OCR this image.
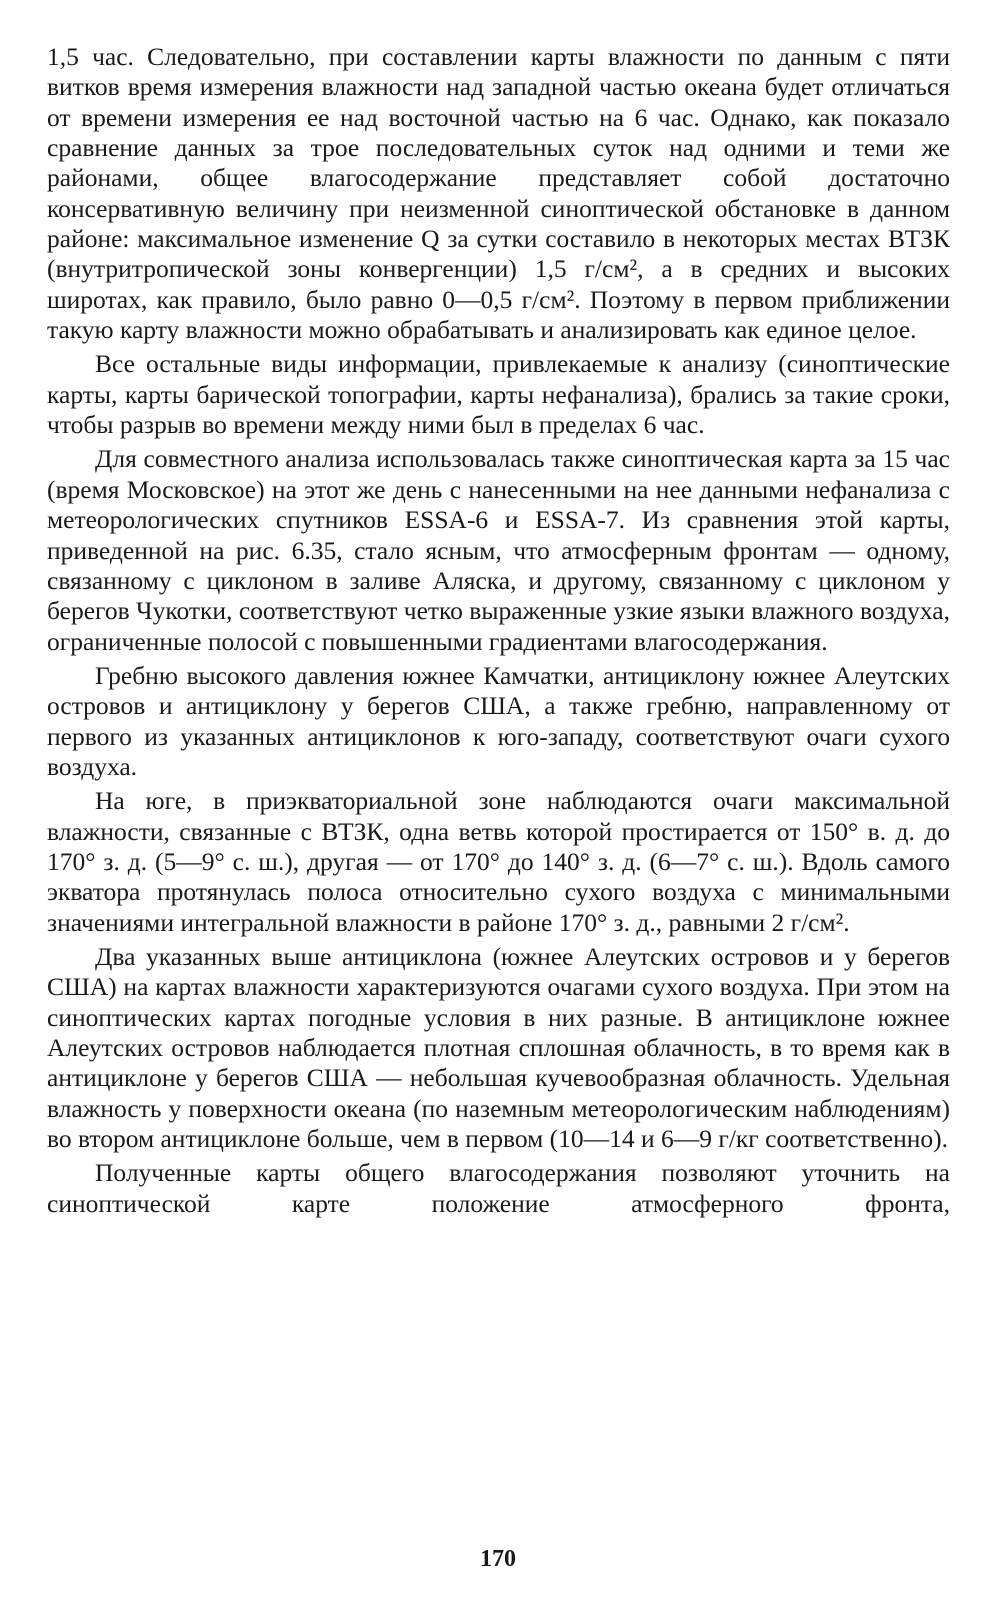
1,5 час. Следовательно, при составлении карты влажности по данным с пяти витков время измерения влажности над западной частью океана будет отличаться от времени измерения ее над восточной частью на 6 час. Однако, как показало сравнение данных за трое последовательных суток над одними и теми же районами, общее влагосодержание представляет собой достаточно консервативную величину при неизменной синоптической обстановке в данном районе: максимальное изменение Q за сутки составило в некоторых местах ВТЗК (внутритропической зоны конвергенции) 1,5 г/см², а в средних и высоких широтах, как правило, было равно 0—0,5 г/см². Поэтому в первом приближении такую карту влажности можно обрабатывать и анализировать как единое целое.

Все остальные виды информации, привлекаемые к анализу (синоптические карты, карты барической топографии, карты нефанализа), брались за такие сроки, чтобы разрыв во времени между ними был в пределах 6 час.

Для совместного анализа использовалась также синоптическая карта за 15 час (время Московское) на этот же день с нанесенными на нее данными нефанализа с метеорологических спутников ESSA-6 и ESSA-7. Из сравнения этой карты, приведенной на рис. 6.35, стало ясным, что атмосферным фронтам — одному, связанному с циклоном в заливе Аляска, и другому, связанному с циклоном у берегов Чукотки, соответствуют четко выраженные узкие языки влажного воздуха, ограниченные полосой с повышенными градиентами влагосодержания.

Гребню высокого давления южнее Камчатки, антициклону южнее Алеутских островов и антициклону у берегов США, а также гребню, направленному от первого из указанных антициклонов к юго-западу, соответствуют очаги сухого воздуха.

На юге, в приэкваториальной зоне наблюдаются очаги максимальной влажности, связанные с ВТЗК, одна ветвь которой простирается от 150° в. д. до 170° з. д. (5—9° с. ш.), другая — от 170° до 140° з. д. (6—7° с. ш.). Вдоль самого экватора протянулась полоса относительно сухого воздуха с минимальными значениями интегральной влажности в районе 170° з. д., равными 2 г/см².

Два указанных выше антициклона (южнее Алеутских островов и у берегов США) на картах влажности характеризуются очагами сухого воздуха. При этом на синоптических картах погодные условия в них разные. В антициклоне южнее Алеутских островов наблюдается плотная сплошная облачность, в то время как в антициклоне у берегов США — небольшая кучевообразная облачность. Удельная влажность у поверхности океана (по наземным метеорологическим наблюдениям) во втором антициклоне больше, чем в первом (10—14 и 6—9 г/кг соответственно).

Полученные карты общего влагосодержания позволяют уточнить на синоптической карте положение атмосферного фронта,

170
